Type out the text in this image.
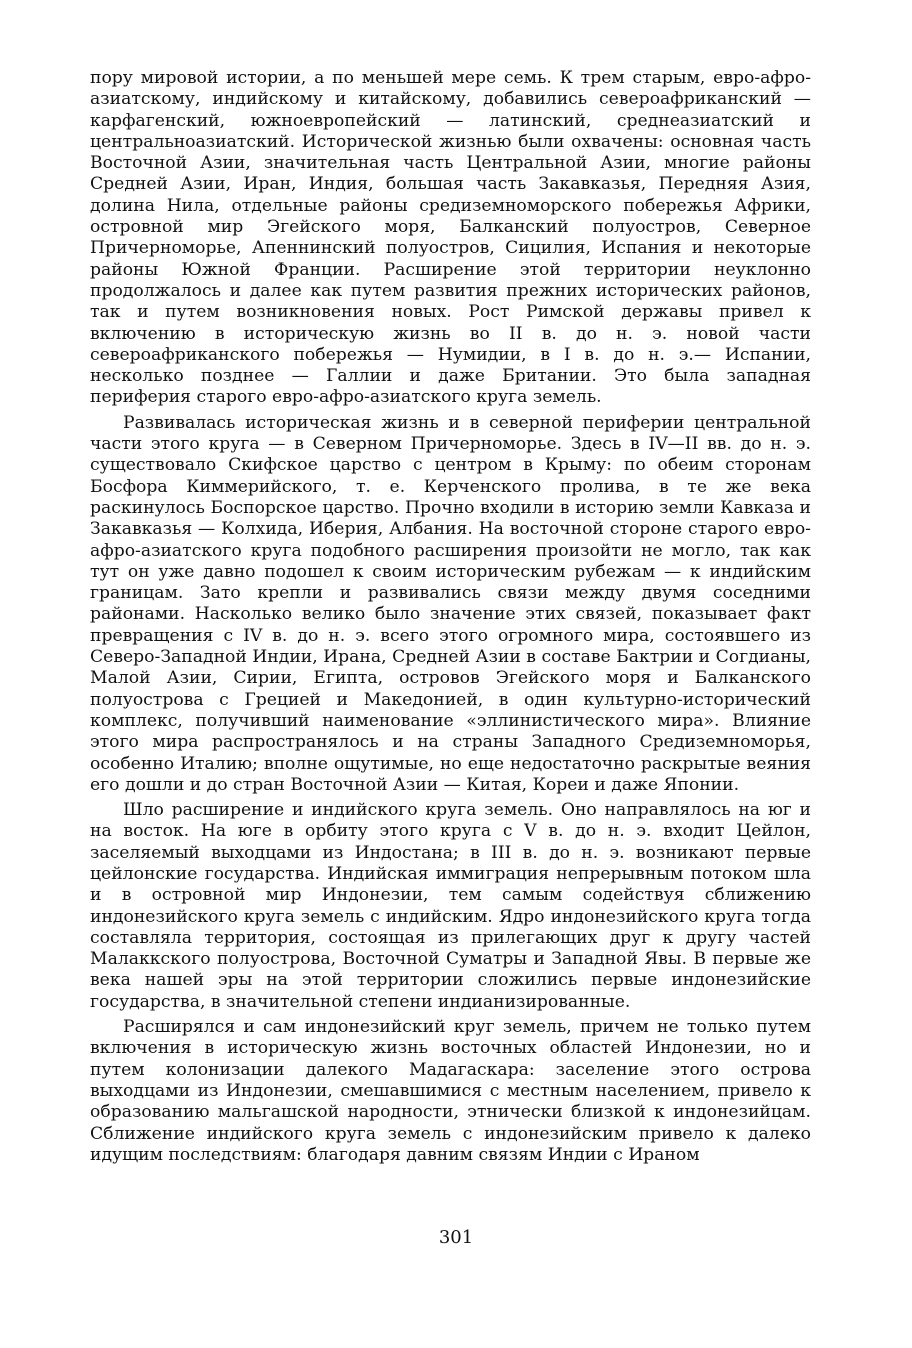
пору мировой истории, а по меньшей мере семь. К трем старым, евро-афро-азиатскому, индийскому и китайскому, добавились североафриканский — карфагенский, южноевропейский — латинский, среднеазиатский и центральноазиатский. Исторической жизнью были охвачены: основная часть Восточной Азии, значительная часть Центральной Азии, многие районы Средней Азии, Иран, Индия, большая часть Закавказья, Передняя Азия, долина Нила, отдельные районы средиземноморского побережья Африки, островной мир Эгейского моря, Балканский полуостров, Северное Причерноморье, Апеннинский полуостров, Сицилия, Испания и некоторые районы Южной Франции. Расширение этой территории неуклонно продолжалось и далее как путем развития прежних исторических районов, так и путем возникновения новых. Рост Римской державы привел к включению в историческую жизнь во II в. до н. э. новой части североафриканского побережья — Нумидии, в I в. до н. э.— Испании, несколько позднее — Галлии и даже Британии. Это была западная периферия старого евро-афро-азиатского круга земель.

Развивалась историческая жизнь и в северной периферии центральной части этого круга — в Северном Причерноморье. Здесь в IV—II вв. до н. э. существовало Скифское царство с центром в Крыму: по обеим сторонам Босфора Киммерийского, т. е. Керченского пролива, в те же века раскинулось Боспорское царство. Прочно входили в историю земли Кавказа и Закавказья — Колхида, Иберия, Албания. На восточной стороне старого евро-афро-азиатского круга подобного расширения произойти не могло, так как тут он уже давно подошел к своим историческим рубежам — к индийским границам. Зато крепли и развивались связи между двумя соседними районами. Насколько велико было значение этих связей, показывает факт превращения с IV в. до н. э. всего этого огромного мира, состоявшего из Северо-Западной Индии, Ирана, Средней Азии в составе Бактрии и Согдианы, Малой Азии, Сирии, Египта, островов Эгейского моря и Балканского полуострова с Грецией и Македонией, в один культурно-исторический комплекс, получивший наименование «эллинистического мира». Влияние этого мира распространялось и на страны Западного Средиземноморья, особенно Италию; вполне ощутимые, но еще недостаточно раскрытые веяния его дошли и до стран Восточной Азии — Китая, Кореи и даже Японии.

Шло расширение и индийского круга земель. Оно направлялось на юг и на восток. На юге в орбиту этого круга с V в. до н. э. входит Цейлон, заселяемый выходцами из Индостана; в III в. до н. э. возникают первые цейлонские государства. Индийская иммиграция непрерывным потоком шла и в островной мир Индонезии, тем самым содействуя сближению индонезийского круга земель с индийским. Ядро индонезийского круга тогда составляла территория, состоящая из прилегающих друг к другу частей Малаккского полуострова, Восточной Суматры и Западной Явы. В первые же века нашей эры на этой территории сложились первые индонезийские государства, в значительной степени индианизированные.

Расширялся и сам индонезийский круг земель, причем не только путем включения в историческую жизнь восточных областей Индонезии, но и путем колонизации далекого Мадагаскара: заселение этого острова выходцами из Индонезии, смешавшимися с местным населением, привело к образованию мальгашской народности, этнически близкой к индонезийцам. Сближение индийского круга земель с индонезийским привело к далеко идущим последствиям: благодаря давним связям Индии с Ираном

301
